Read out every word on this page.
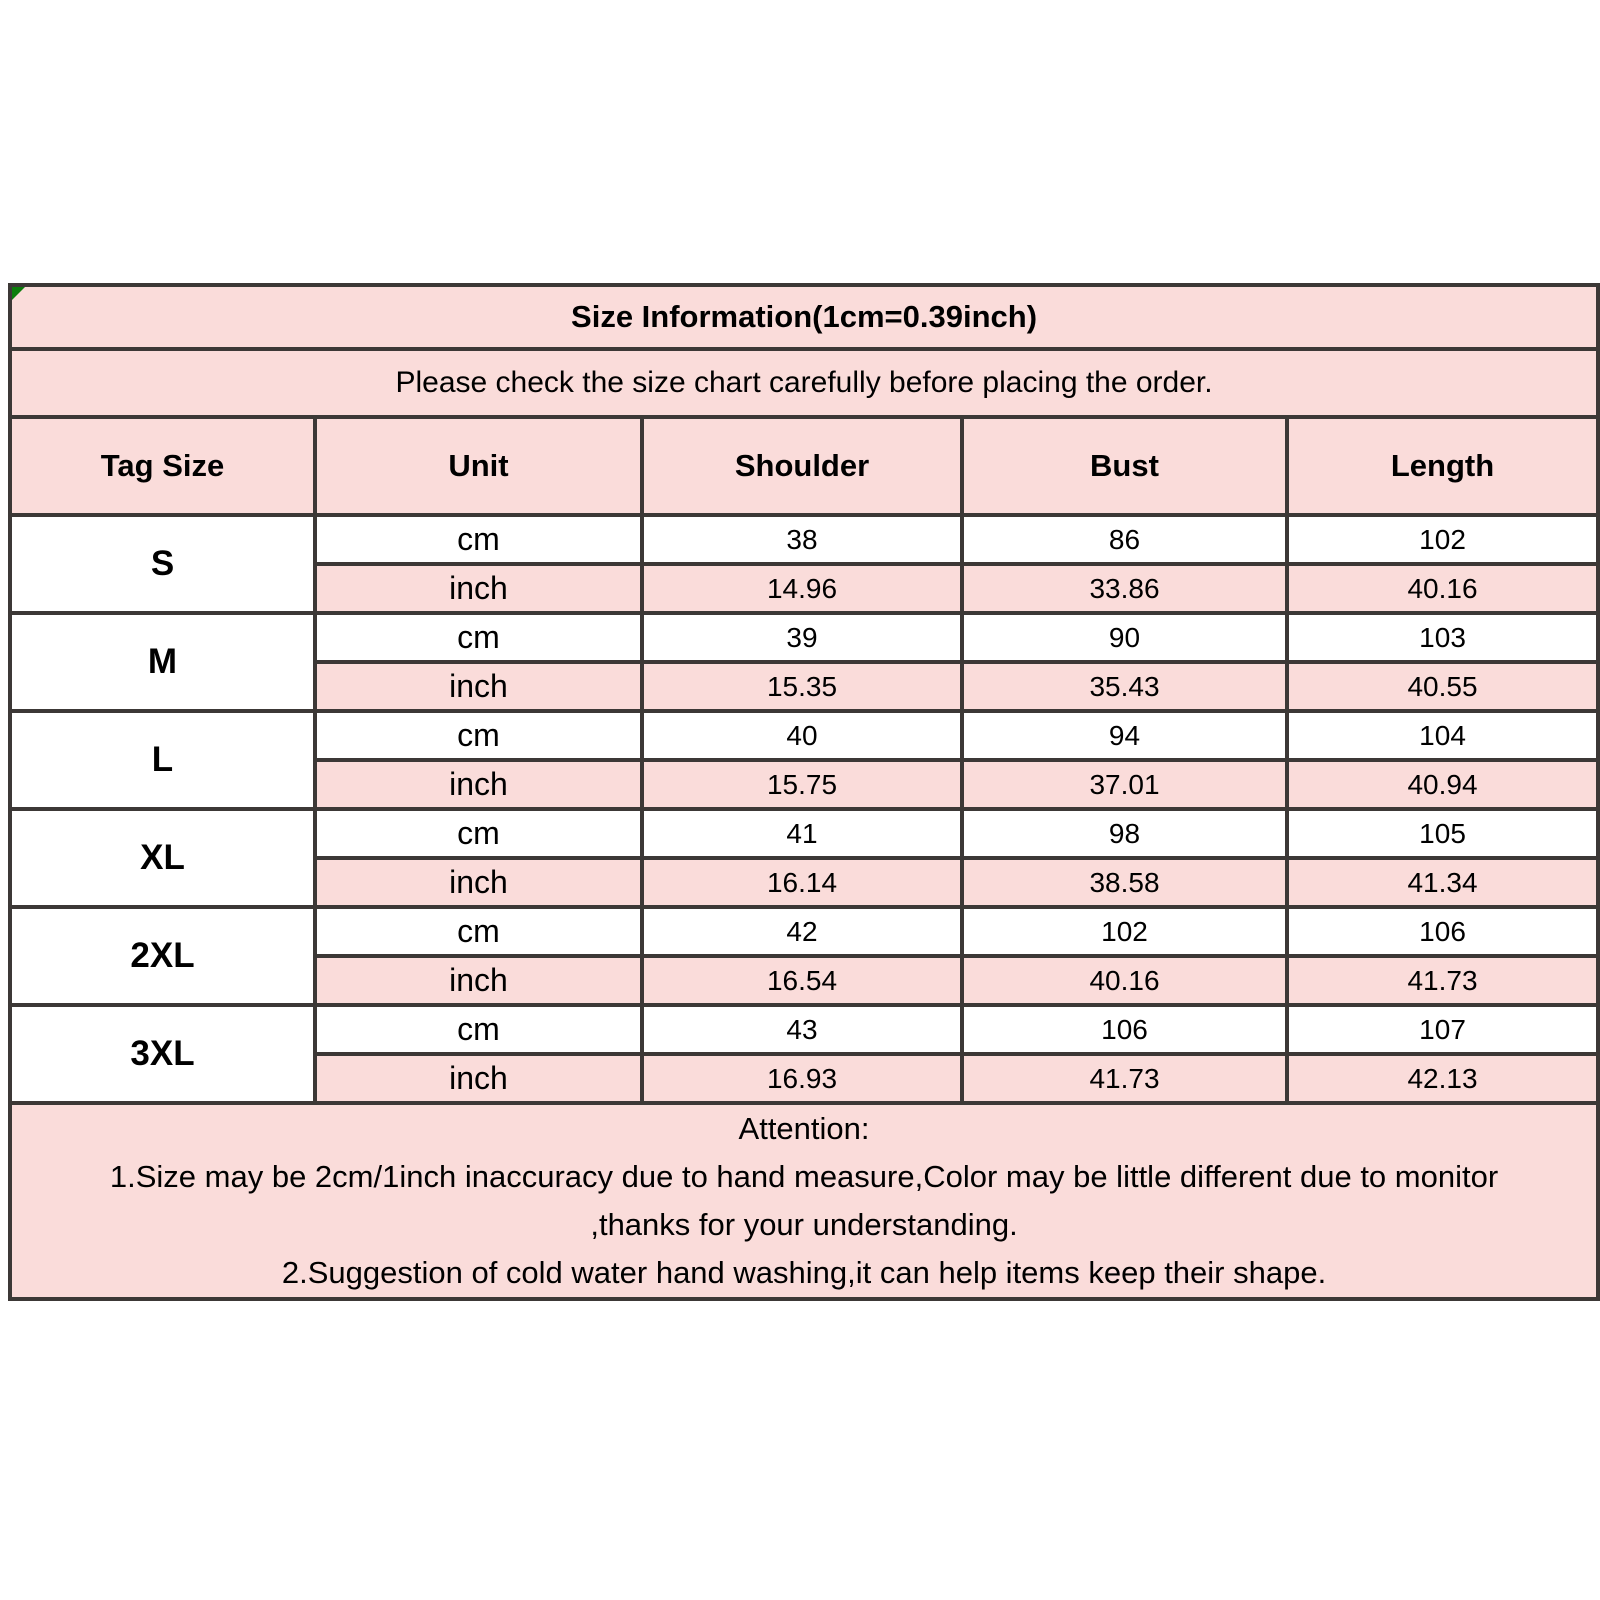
Size Information(1cm=0.39inch)				
Please check the size chart carefully before placing the order.				
Tag Size	Unit	Shoulder	Bust	Length
S	cm	38	86	102
	inch	14.96	33.86	40.16
M	cm	39	90	103
	inch	15.35	35.43	40.55
L	cm	40	94	104
	inch	15.75	37.01	40.94
XL	cm	41	98	105
	inch	16.14	38.58	41.34
2XL	cm	42	102	106
	inch	16.54	40.16	41.73
3XL	cm	43	106	107
	inch	16.93	41.73	42.13

Attention:
1.Size may be 2cm/1inch inaccuracy due to hand measure,Color may be little different due to monitor
,thanks for your understanding.
2.Suggestion of cold water hand washing,it can help items keep their shape.				
